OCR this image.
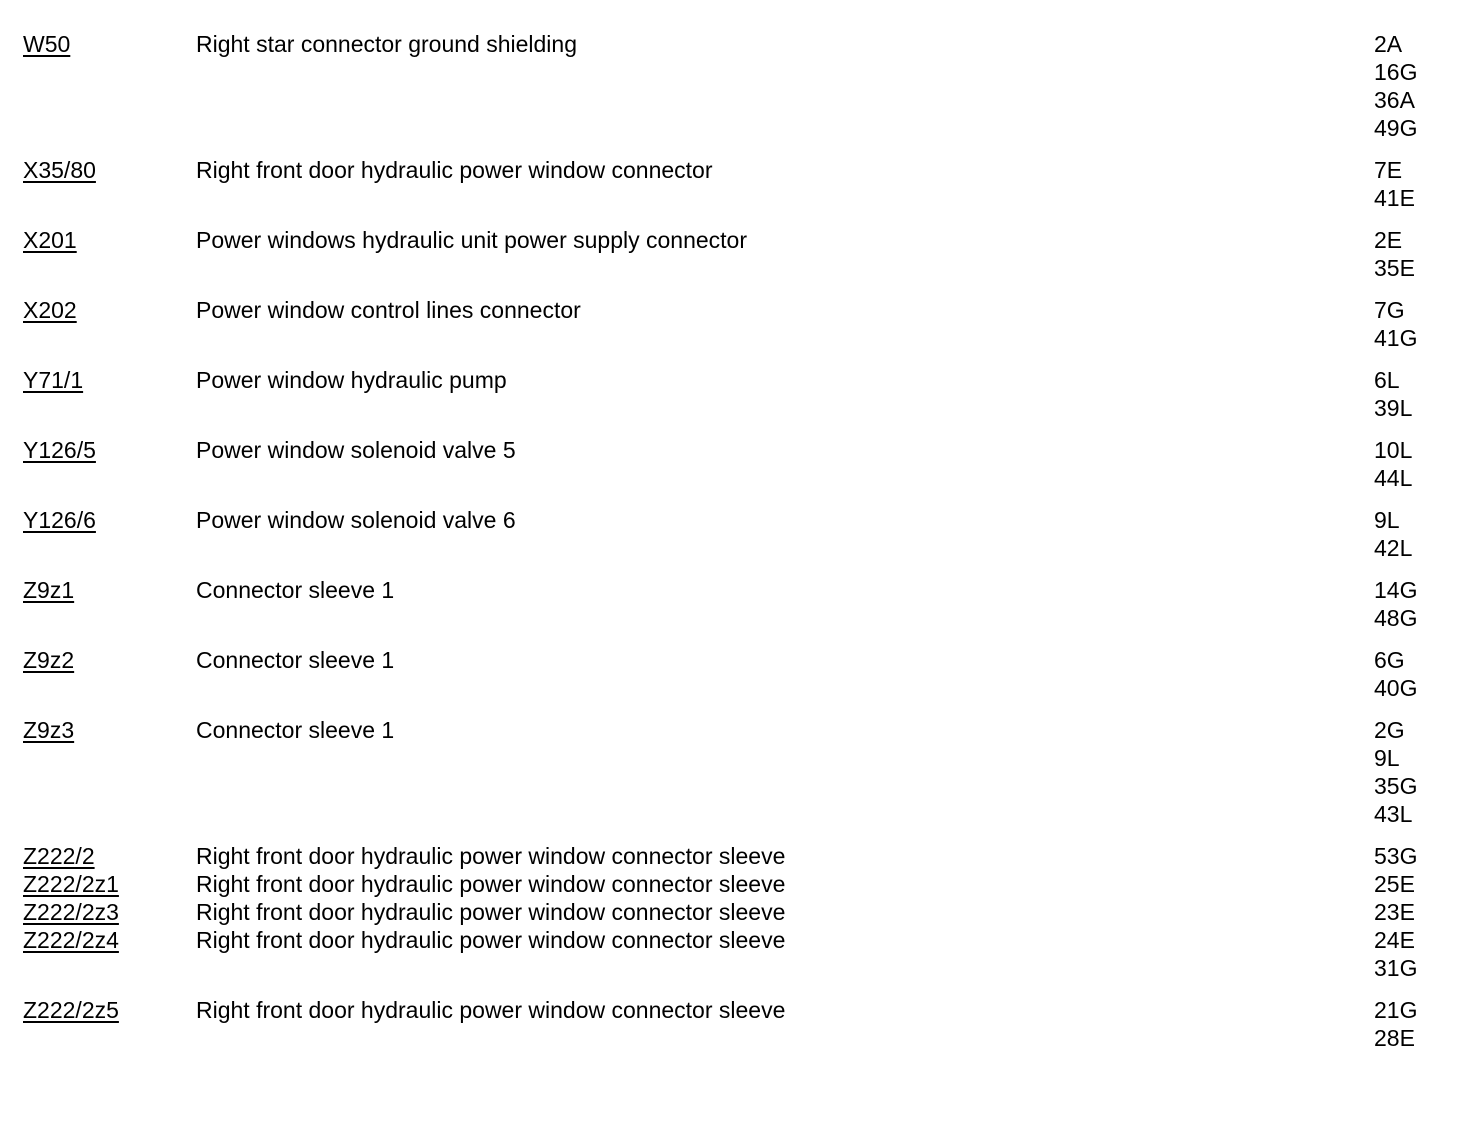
W50	Right star connector ground shielding	2A
16G
36A
49G
X35/80	Right front door hydraulic power window connector	7E
41E
X201	Power windows hydraulic unit power supply connector	2E
35E
X202	Power window control lines connector	7G
41G
Y71/1	Power window hydraulic pump	6L
39L
Y126/5	Power window solenoid valve 5	10L
44L
Y126/6	Power window solenoid valve 6	9L
42L
Z9z1	Connector sleeve 1	14G
48G
Z9z2	Connector sleeve 1	6G
40G
Z9z3	Connector sleeve 1	2G
9L
35G
43L
Z222/2	Right front door hydraulic power window connector sleeve	53G
Z222/2z1	Right front door hydraulic power window connector sleeve	25E
Z222/2z3	Right front door hydraulic power window connector sleeve	23E
Z222/2z4	Right front door hydraulic power window connector sleeve	24E
31G
Z222/2z5	Right front door hydraulic power window connector sleeve	21G
28E
